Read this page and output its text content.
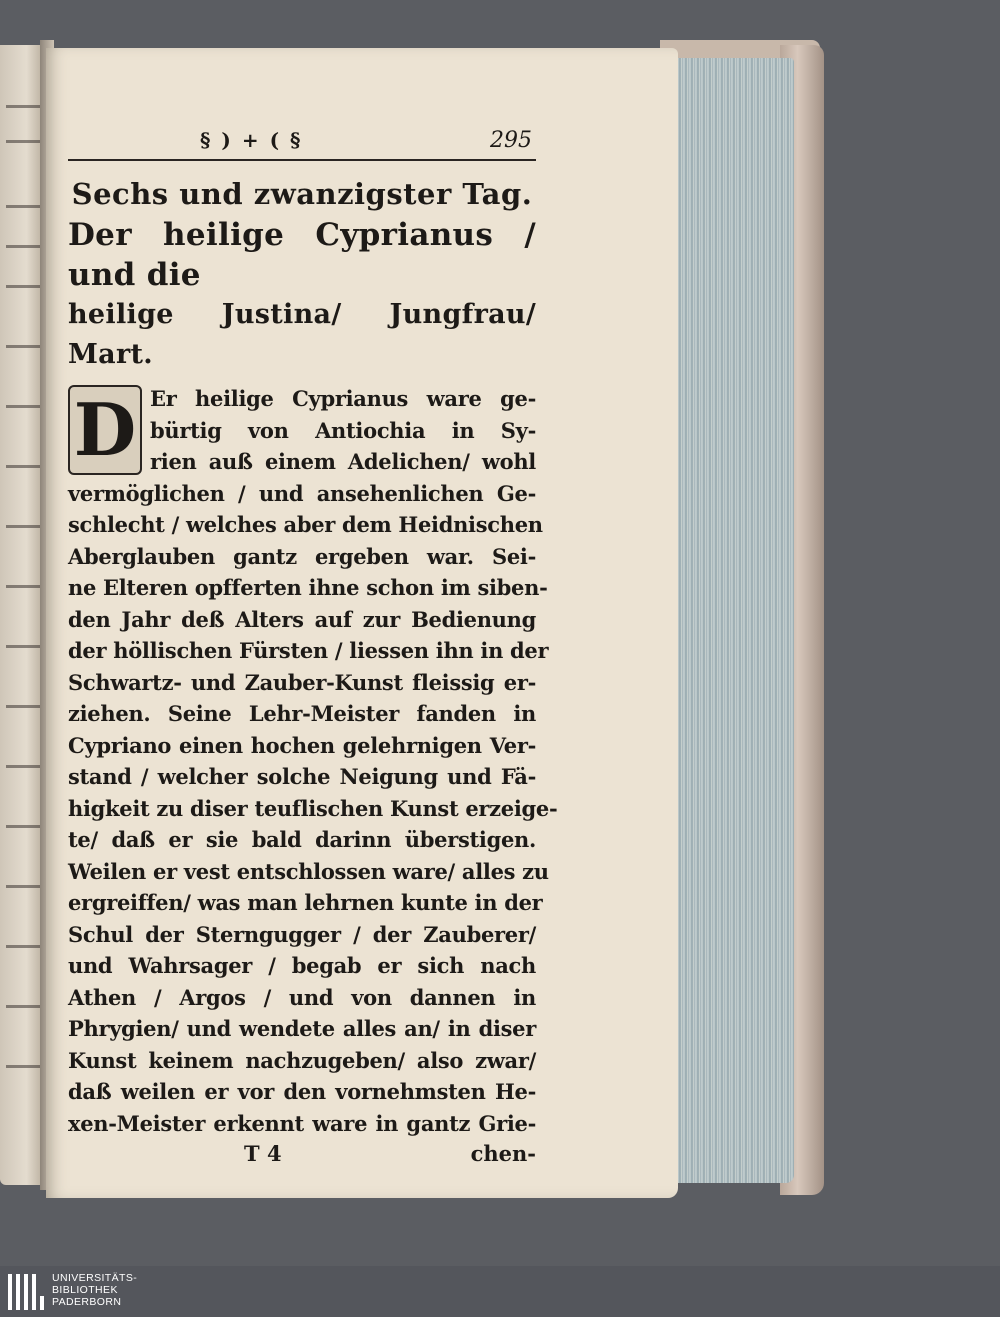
§ ) + ( §	295
Sechs und zwanzigster Tag.
Der heilige Cyprianus / und die
heilige Justina/ Jungfrau/ Mart.
D Er heilige Cyprianus ware ge-
bürtig von Antiochia in Sy-
rien auß einem Adelichen/ wohl
vermöglichen / und ansehenlichen Ge-
schlecht / welches aber dem Heidnischen
Aberglauben gantz ergeben war. Sei-
ne Elteren opfferten ihne schon im siben-
den Jahr deß Alters auf zur Bedienung
der höllischen Fürsten / liessen ihn in der
Schwartz- und Zauber-Kunst fleissig er-
ziehen. Seine Lehr-Meister fanden in
Cypriano einen hochen gelehrnigen Ver-
stand / welcher solche Neigung und Fä-
higkeit zu diser teuflischen Kunst erzeige-
te/ daß er sie bald darinn überstigen.
Weilen er vest entschlossen ware/ alles zu
ergreiffen/ was man lehrnen kunte in der
Schul der Sterngugger / der Zauberer/
und Wahrsager / begab er sich nach
Athen / Argos / und von dannen in
Phrygien/ und wendete alles an/ in diser
Kunst keinem nachzugeben/ also zwar/
daß weilen er vor den vornehmsten He-
xen-Meister erkennt ware in gantz Grie-
T 4	chen-
UNIVERSITÄTS-
BIBLIOTHEK
PADERBORN
